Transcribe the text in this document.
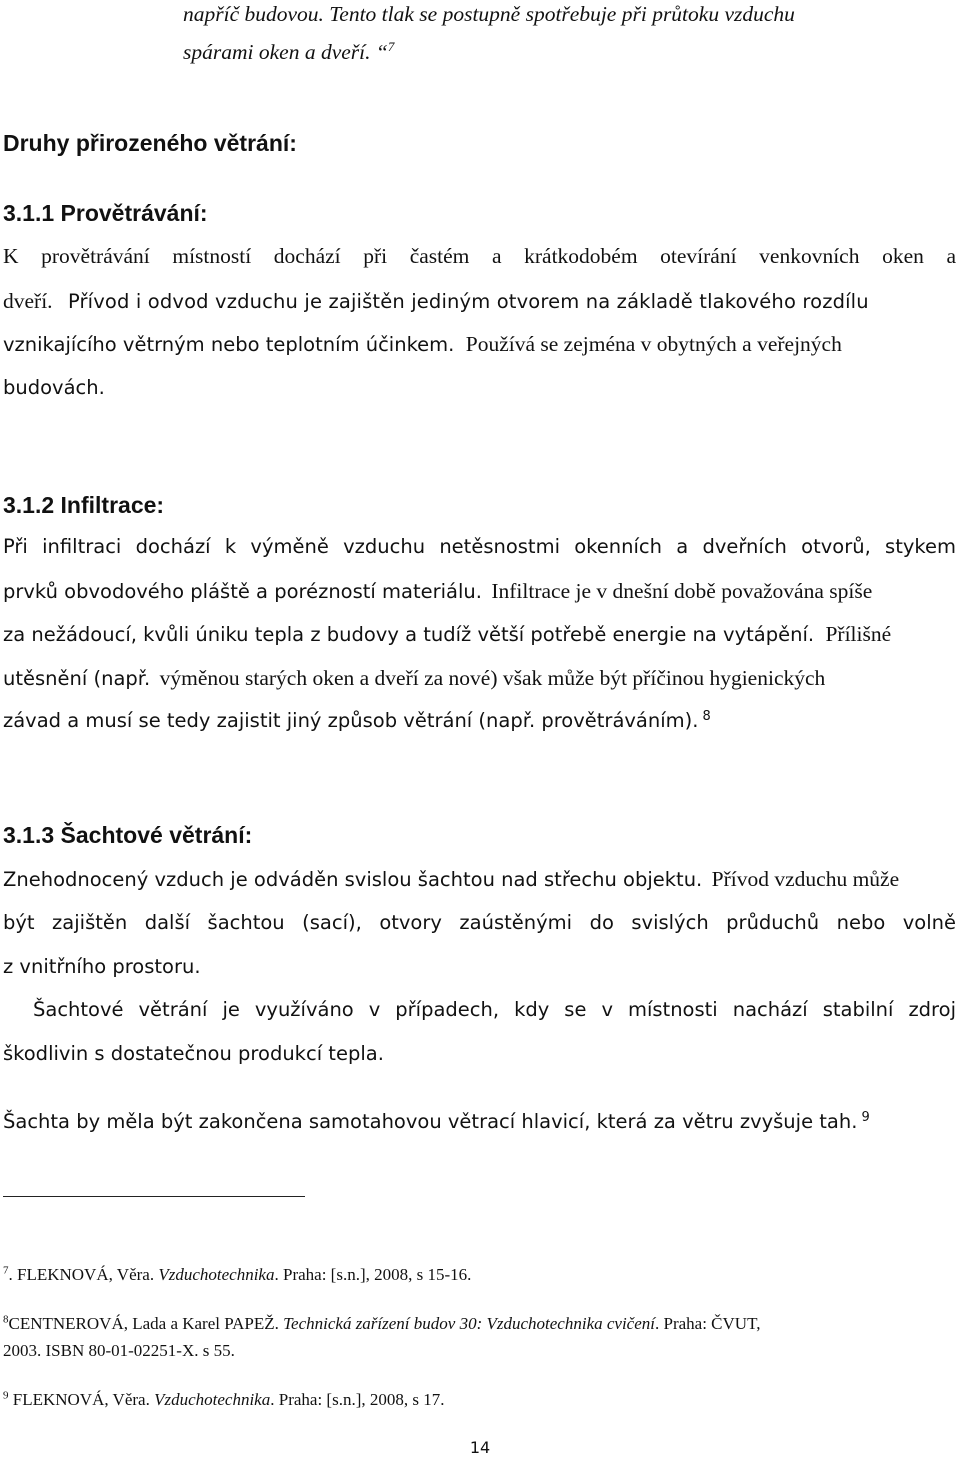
napříč budovou. Tento tlak se postupně spotřebuje při průtoku vzduchu
spárami oken a dveří. “$^7$
Druhy přirozeného větrání:
3.1.1 Provětrávání:
K provětrávání místností dochází při častém a krátkodobém otevírání venkovních oken a
dveří. Přívod i odvod vzduchu je zajištěn jediným otvorem na základě tlakového rozdílu
vznikajícího větrným nebo teplotním účinkem. Používá se zejména v obytných a veřejných
budovách.
3.1.2 Infiltrace:
Při infiltraci dochází k výměně vzduchu netěsnostmi okenních a dveřních otvorů, stykem
prvků obvodového pláště a porézností materiálu. Infiltrace je v dnešní době považována spíše
za nežádoucí, kvůli úniku tepla z budovy a tudíž větší potřebě energie na vytápění. Přílišné
utěsnění (např. výměnou starých oken a dveří za nové) však může být příčinou hygienických
závad a musí se tedy zajistit jiný způsob větrání (např. provětráváním). $^8$
3.1.3 Šachtové větrání:
Znehodnocený vzduch je odváděn svislou šachtou nad střechu objektu. Přívod vzduchu může
být zajištěn další šachtou (sací), otvory zaústěnými do svislých průduchů nebo volně
z vnitřního prostoru.
Šachtové větrání je využíváno v případech, kdy se v místnosti nachází stabilní zdroj
škodlivin s dostatečnou produkcí tepla.
Šachta by měla být zakončena samotahovou větrací hlavicí, která za větru zvyšuje tah. $^9$
$^7$. FLEKNOVÁ, Věra. Vzduchotechnika. Praha: [s.n.], 2008, s 15-16.
$^8$CENTNEROVÁ, Lada a Karel PAPEŽ. Technická zařízení budov 30: Vzduchotechnika cvičení. Praha: ČVUT,
2003. ISBN 80-01-02251-X. s 55.
$^9$ FLEKNOVÁ, Věra. Vzduchotechnika. Praha: [s.n.], 2008, s 17.
14
